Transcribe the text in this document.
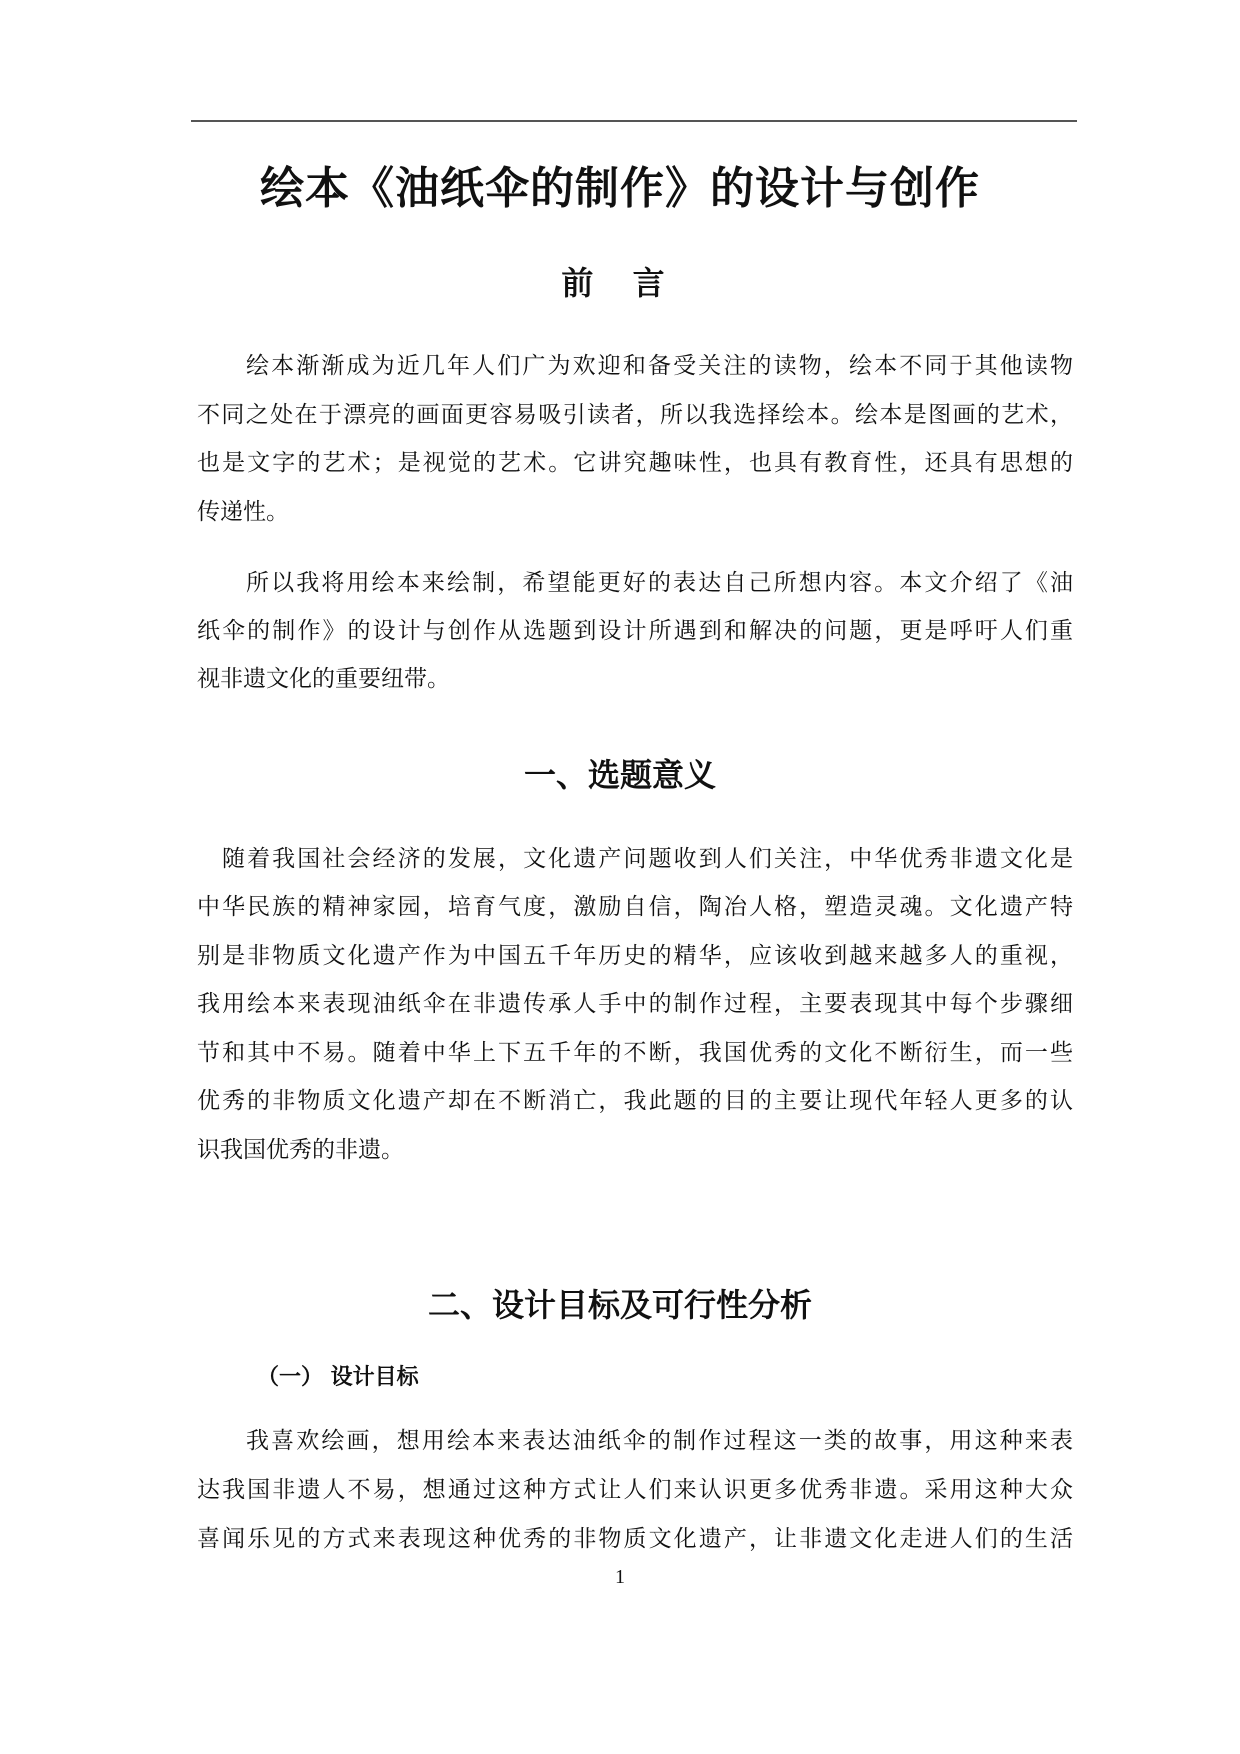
绘本《油纸伞的制作》的设计与创作
前 言
绘本渐渐成为近几年人们广为欢迎和备受关注的读物，绘本不同于其他读物
不同之处在于漂亮的画面更容易吸引读者，所以我选择绘本。绘本是图画的艺术，
也是文字的艺术；是视觉的艺术。它讲究趣味性，也具有教育性，还具有思想的
传递性。
所以我将用绘本来绘制，希望能更好的表达自己所想内容。本文介绍了《油
纸伞的制作》的设计与创作从选题到设计所遇到和解决的问题，更是呼吁人们重
视非遗文化的重要纽带。
一、选题意义
随着我国社会经济的发展，文化遗产问题收到人们关注，中华优秀非遗文化是
中华民族的精神家园，培育气度，激励自信，陶冶人格，塑造灵魂。文化遗产特
别是非物质文化遗产作为中国五千年历史的精华，应该收到越来越多人的重视，
我用绘本来表现油纸伞在非遗传承人手中的制作过程，主要表现其中每个步骤细
节和其中不易。随着中华上下五千年的不断，我国优秀的文化不断衍生，而一些
优秀的非物质文化遗产却在不断消亡，我此题的目的主要让现代年轻人更多的认
识我国优秀的非遗。
二、设计目标及可行性分析
（一） 设计目标
我喜欢绘画，想用绘本来表达油纸伞的制作过程这一类的故事，用这种来表
达我国非遗人不易，想通过这种方式让人们来认识更多优秀非遗。采用这种大众
喜闻乐见的方式来表现这种优秀的非物质文化遗产，让非遗文化走进人们的生活
1
